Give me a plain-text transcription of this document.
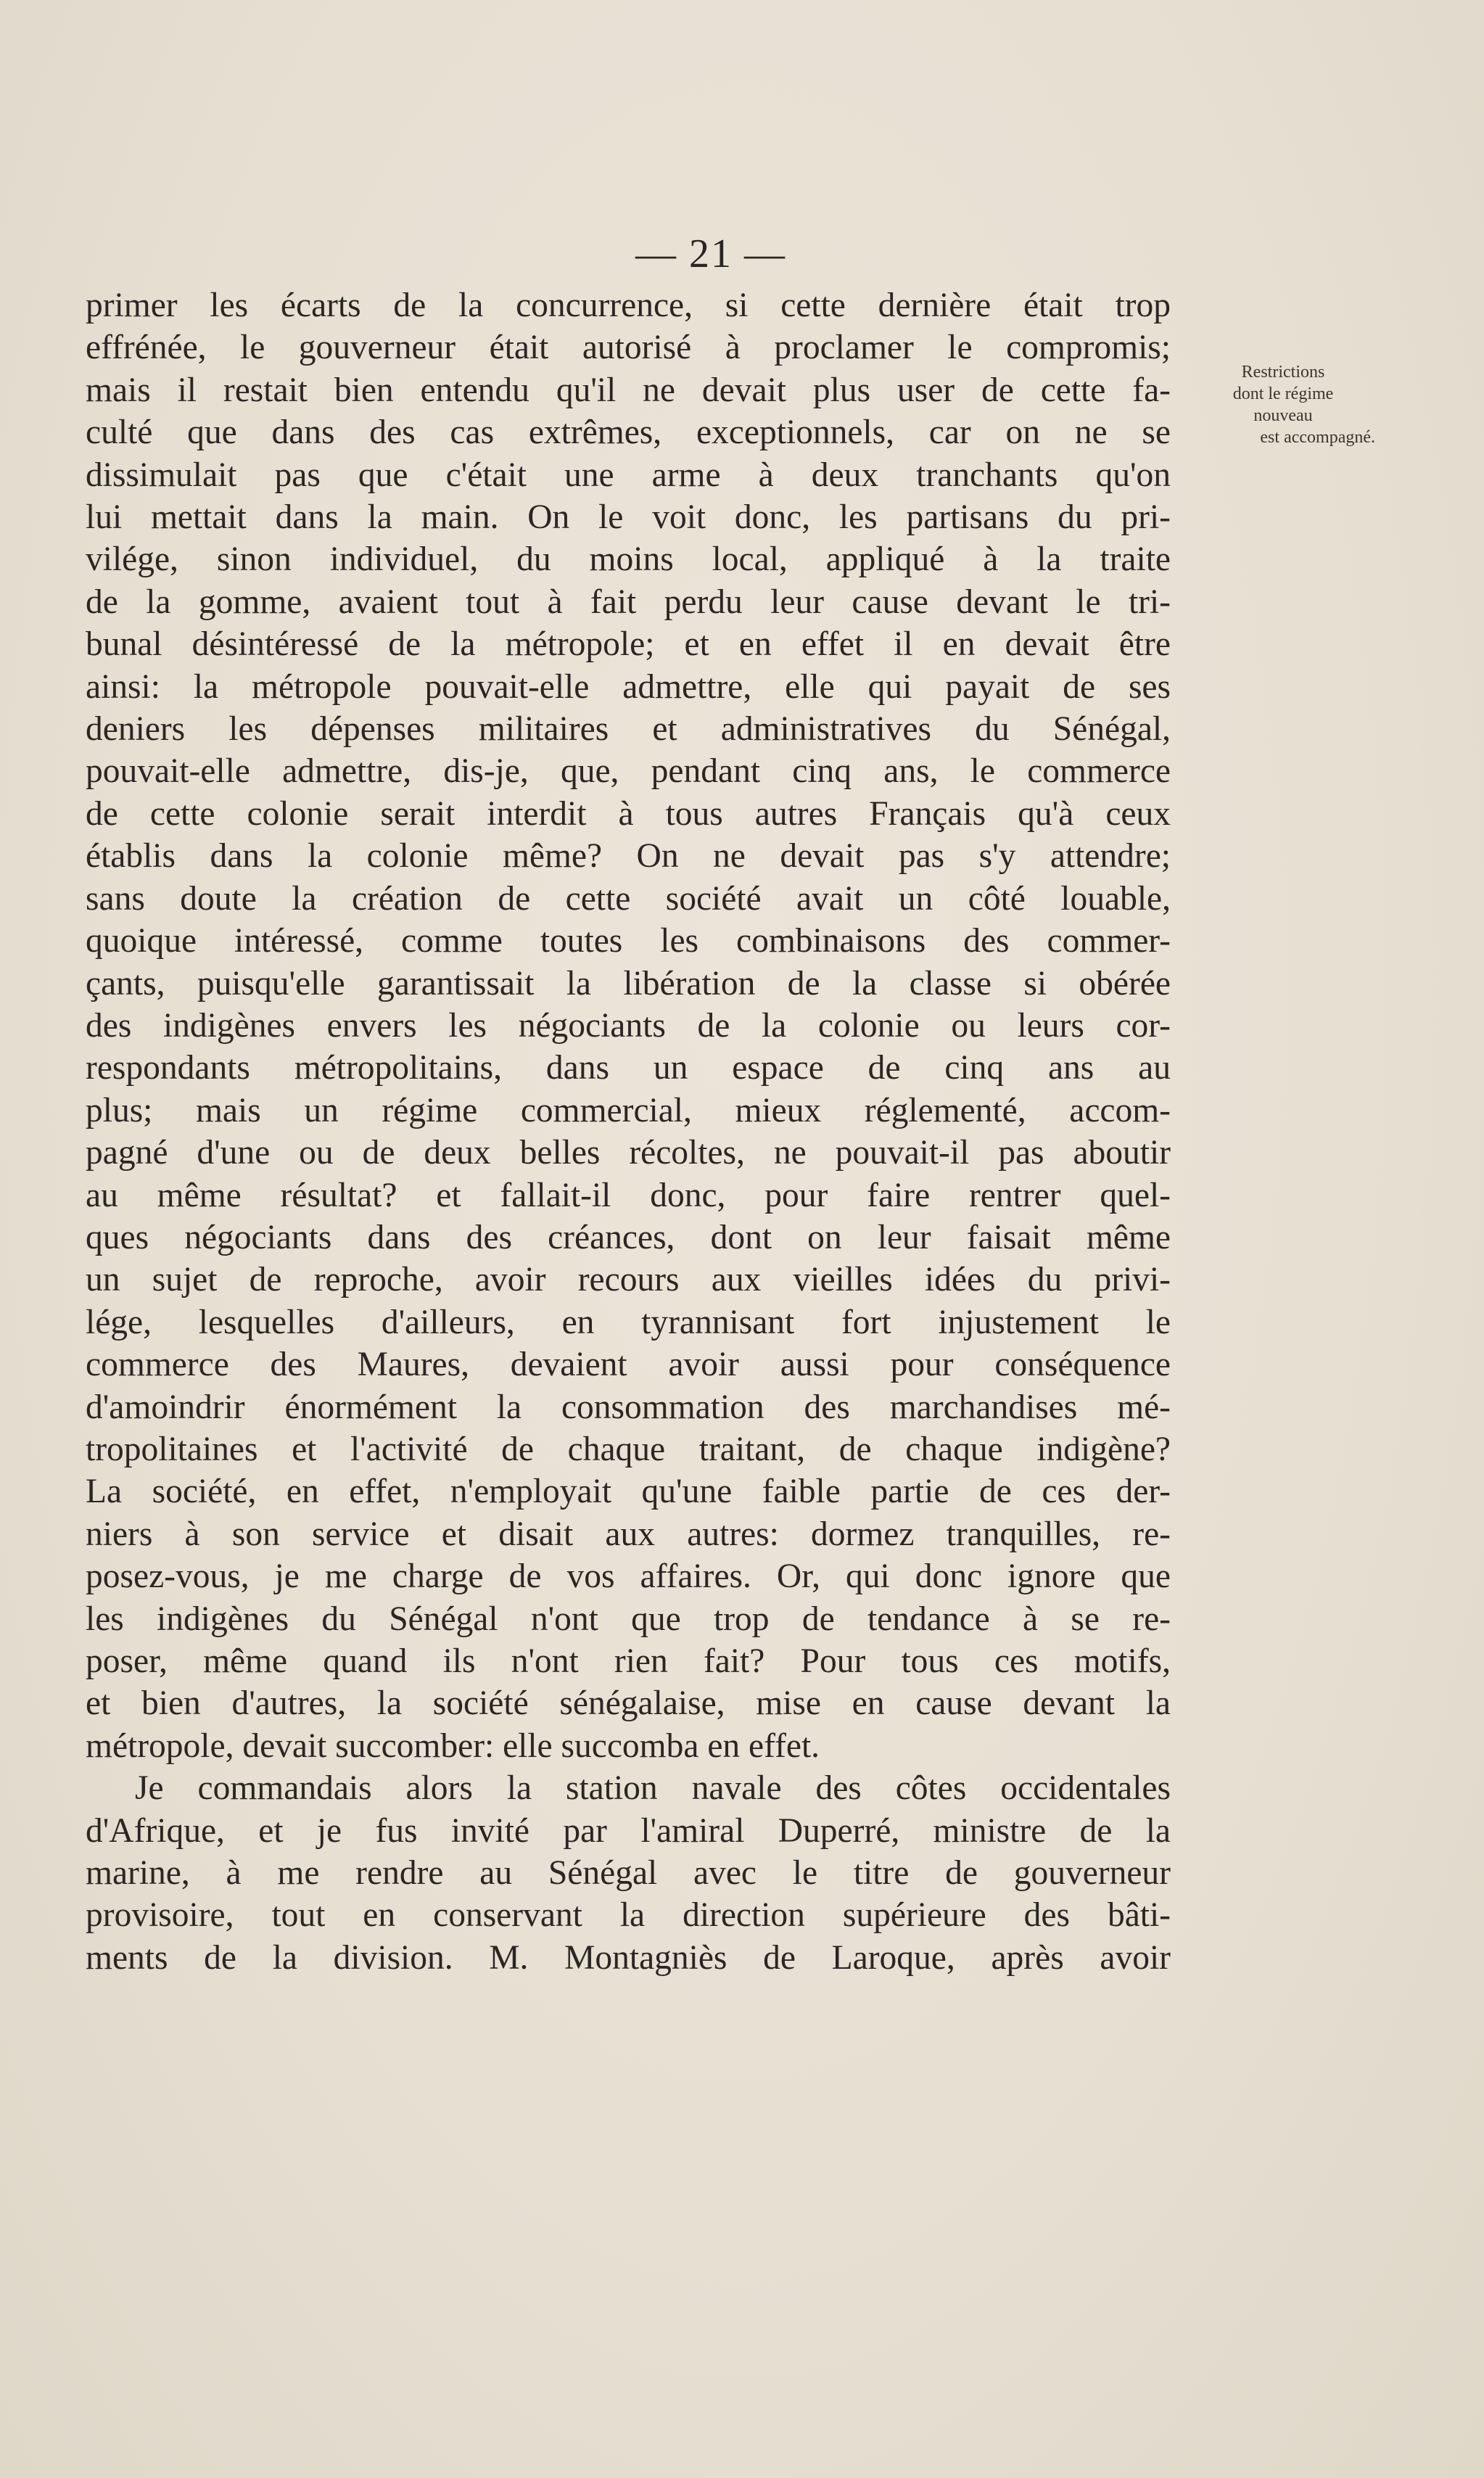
— 21 —
primer les écarts de la concurrence, si cette dernière était trop
effrénée, le gouverneur était autorisé à proclamer le compromis;
mais il restait bien entendu qu'il ne devait plus user de cette fa-
culté que dans des cas extrêmes, exceptionnels, car on ne se
dissimulait pas que c'était une arme à deux tranchants qu'on
lui mettait dans la main. On le voit donc, les partisans du pri-
vilége, sinon individuel, du moins local, appliqué à la traite
de la gomme, avaient tout à fait perdu leur cause devant le tri-
bunal désintéressé de la métropole; et en effet il en devait être
ainsi: la métropole pouvait-elle admettre, elle qui payait de ses
deniers les dépenses militaires et administratives du Sénégal,
pouvait-elle admettre, dis-je, que, pendant cinq ans, le commerce
de cette colonie serait interdit à tous autres Français qu'à ceux
établis dans la colonie même? On ne devait pas s'y attendre;
sans doute la création de cette société avait un côté louable,
quoique intéressé, comme toutes les combinaisons des commer-
çants, puisqu'elle garantissait la libération de la classe si obérée
des indigènes envers les négociants de la colonie ou leurs cor-
respondants métropolitains, dans un espace de cinq ans au
plus; mais un régime commercial, mieux réglementé, accom-
pagné d'une ou de deux belles récoltes, ne pouvait-il pas aboutir
au même résultat? et fallait-il donc, pour faire rentrer quel-
ques négociants dans des créances, dont on leur faisait même
un sujet de reproche, avoir recours aux vieilles idées du privi-
lége, lesquelles d'ailleurs, en tyrannisant fort injustement le
commerce des Maures, devaient avoir aussi pour conséquence
d'amoindrir énormément la consommation des marchandises mé-
tropolitaines et l'activité de chaque traitant, de chaque indigène?
La société, en effet, n'employait qu'une faible partie de ces der-
niers à son service et disait aux autres: dormez tranquilles, re-
posez-vous, je me charge de vos affaires. Or, qui donc ignore que
les indigènes du Sénégal n'ont que trop de tendance à se re-
poser, même quand ils n'ont rien fait? Pour tous ces motifs,
et bien d'autres, la société sénégalaise, mise en cause devant la
métropole, devait succomber: elle succomba en effet.
Je commandais alors la station navale des côtes occidentales
d'Afrique, et je fus invité par l'amiral Duperré, ministre de la
marine, à me rendre au Sénégal avec le titre de gouverneur
provisoire, tout en conservant la direction supérieure des bâti-
ments de la division. M. Montagniès de Laroque, après avoir
Restrictions
dont le régime
nouveau
est accompagné.
